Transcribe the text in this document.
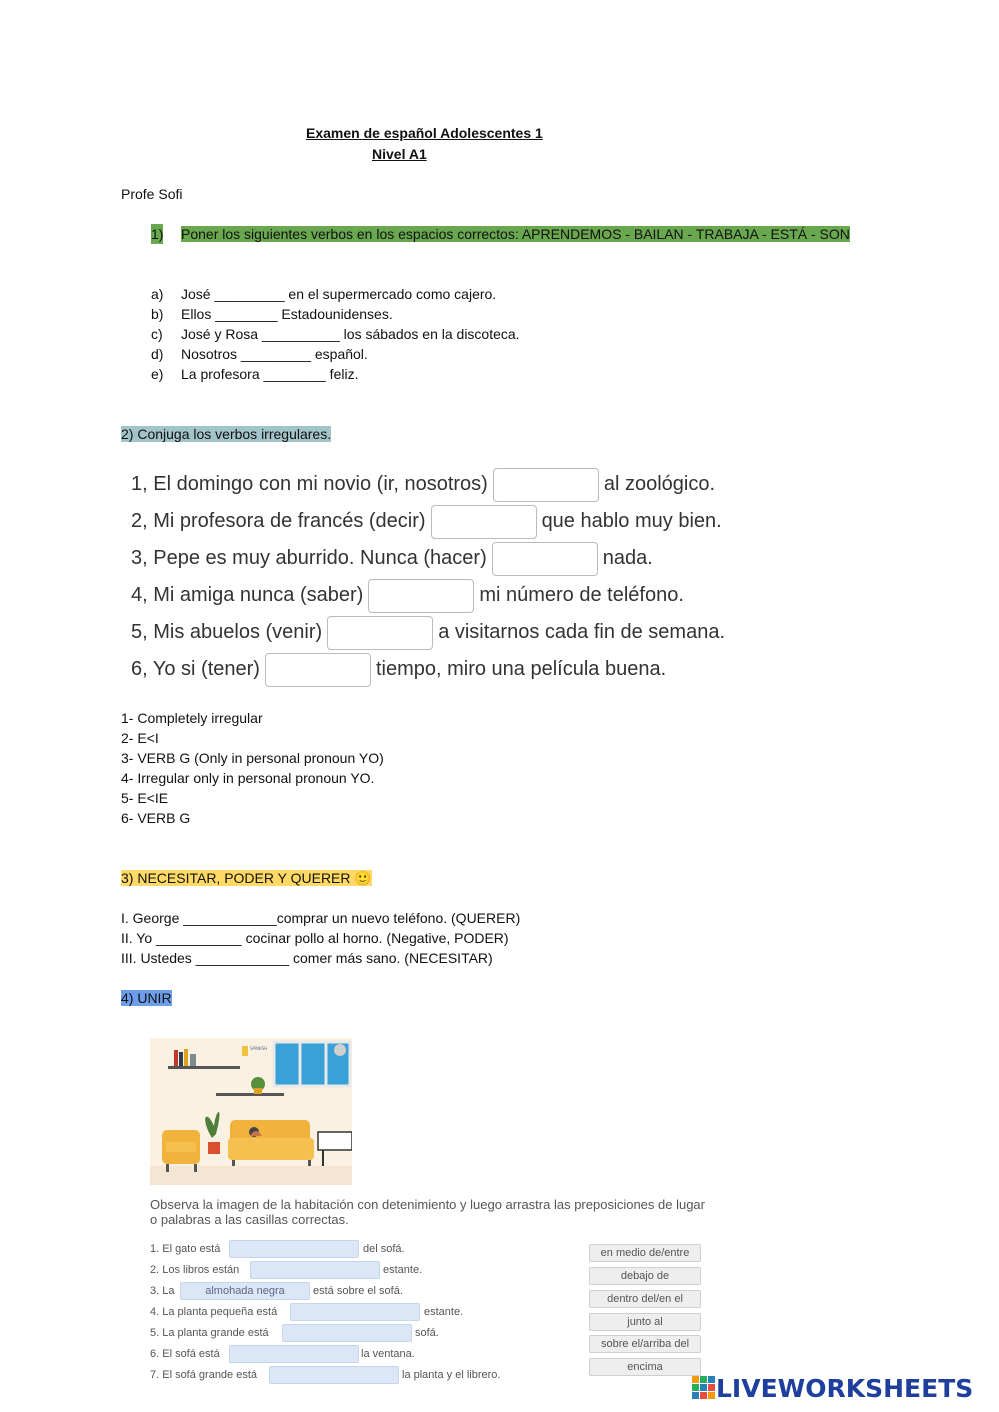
Examen de español Adolescentes 1
Nivel A1
Profe Sofi
1) Poner los siguientes verbos en los espacios correctos: APRENDEMOS - BAILAN - TRABAJA - ESTÁ - SON
a) José _________ en el supermercado como cajero.
b) Ellos ________ Estadounidenses.
c) José y Rosa __________ los sábados en la discoteca.
d) Nosotros _________ español.
e) La profesora ________ feliz.
2) Conjuga los verbos irregulares.
1, El domingo con mi novio (ir, nosotros)	al zoológico.
2, Mi profesora de francés (decir)	que hablo muy bien.
3, Pepe es muy aburrido. Nunca (hacer)	nada.
4, Mi amiga nunca (saber)	mi número de teléfono.
5, Mis abuelos (venir)	a visitarnos cada fin de semana.
6, Yo si (tener)	tiempo, miro una película buena.
1- Completely irregular
2- E<I
3- VERB G (Only in personal pronoun YO)
4- Irregular only in personal pronoun YO.
5- E<IE
6- VERB G
3) NECESITAR, PODER Y QUERER 🙂
I. George ____________comprar un nuevo teléfono. (QUERER)
II. Yo ___________ cocinar pollo al horno. (Negative, PODER)
III. Ustedes ____________ comer más sano. (NECESITAR)
4) UNIR
SPANISH
Observa la imagen de la habitación con detenimiento y luego arrastra las preposiciones de lugar o palabras a las casillas correctas.
1. El gato está	del sofá.
2. Los libros están	estante.
3. La	almohada negra	está sobre el sofá.
4. La planta pequeña está	estante.
5. La planta grande está	sofá.
6. El sofá está	la ventana.
7. El sofá grande está	la planta y el librero.
en medio de/entre
debajo de
dentro del/en el
junto al
sobre el/arriba del
encima
LIVEWORKSHEETS
